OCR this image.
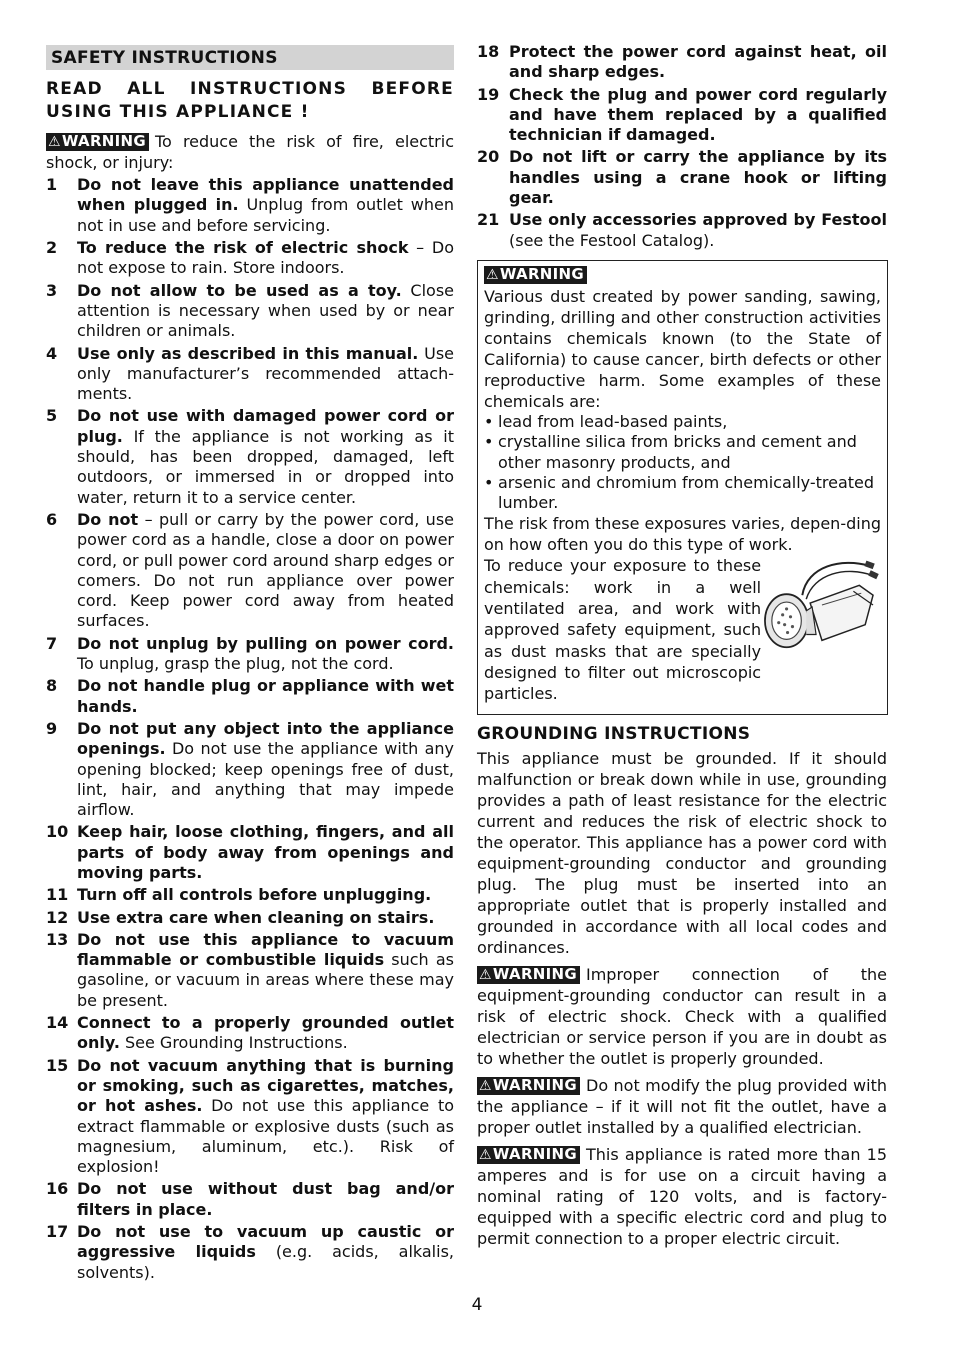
SAFETY INSTRUCTIONS
READ ALL INSTRUCTIONS BEFORE USING THIS APPLIANCE !

⚠WARNING To reduce the risk of fire, electric shock, or injury:

1	Do not leave this appliance unattended when plugged in. Unplug from outlet when not in use and before servicing.
2	To reduce the risk of electric shock – Do not expose to rain. Store indoors.
3	Do not allow to be used as a toy. Close attention is necessary when used by or near children or animals.
4	Use only as described in this manual. Use only manufacturer’s recommended attach-ments.
5	Do not use with damaged power cord or plug. If the appliance is not working as it should, has been dropped, damaged, left outdoors, or immersed in or dropped into water, return it to a service center.
6	Do not – pull or carry by the power cord, use power cord as a handle, close a door on power cord, or pull power cord around sharp edges or comers. Do not run appliance over power cord. Keep power cord away from heated surfaces.
7	Do not unplug by pulling on power cord. To unplug, grasp the plug, not the cord.
8	Do not handle plug or appliance with wet hands.
9	Do not put any object into the appliance openings. Do not use the appliance with any opening blocked; keep openings free of dust, lint, hair, and anything that may impede airflow.
10 Keep hair, loose clothing, fingers, and all parts of body away from openings and moving parts.
11 Turn off all controls before unplugging.
12 Use extra care when cleaning on stairs.
13 Do not use this appliance to vacuum flammable or combustible liquids such as gasoline, or vacuum in areas where these may be present.
14 Connect to a properly grounded outlet only. See Grounding Instructions.
15 Do not vacuum anything that is burning or smoking, such as cigarettes, matches, or hot ashes. Do not use this appliance to extract flammable or explosive dusts (such as magnesium, aluminum, etc.). Risk of explosion!
16 Do not use without dust bag and/or filters in place.
17 Do not use to vacuum up caustic or aggressive liquids (e.g. acids, alkalis, solvents).
18 Protect the power cord against heat, oil and sharp edges.
19 Check the plug and power cord regularly and have them replaced by a qualified technician if damaged.
20 Do not lift or carry the appliance by its handles using a crane hook or lifting gear.
21 Use only accessories approved by Festool (see the Festool Catalog).
⚠WARNING

Various dust created by power sanding, sawing, grinding, drilling and other construction activities contains chemicals known (to the State of California) to cause cancer, birth defects or other reproductive harm. Some examples of these chemicals are:

• lead from lead-based paints,
• crystalline silica from bricks and cement and other masonry products, and
• arsenic and chromium from chemically-treated lumber.

The risk from these exposures varies, depen-ding on how often you do this type of work.

To reduce your exposure to these chemicals: work in a well ventilated area, and work with approved safety equipment, such as dust masks that are specially designed to filter out microscopic particles.
GROUNDING INSTRUCTIONS

This appliance must be grounded. If it should malfunction or break down while in use, grounding provides a path of least resistance for the electric current and reduces the risk of electric shock to the operator. This appliance has a power cord with equipment-grounding conductor and grounding plug. The plug must be inserted into an appropriate outlet that is properly installed and grounded in accordance with all local codes and ordinances.

⚠WARNING Improper connection of the equipment-grounding conductor can result in a risk of electric shock. Check with a qualified electrician or service person if you are in doubt as to whether the outlet is properly grounded.

⚠WARNING Do not modify the plug provided with the appliance – if it will not fit the outlet, have a proper outlet installed by a qualified electrician.

⚠WARNING This appliance is rated more than 15 amperes and is for use on a circuit having a nominal rating of 120 volts, and is factory-equipped with a specific electric cord and plug to permit connection to a proper electric circuit.

4
